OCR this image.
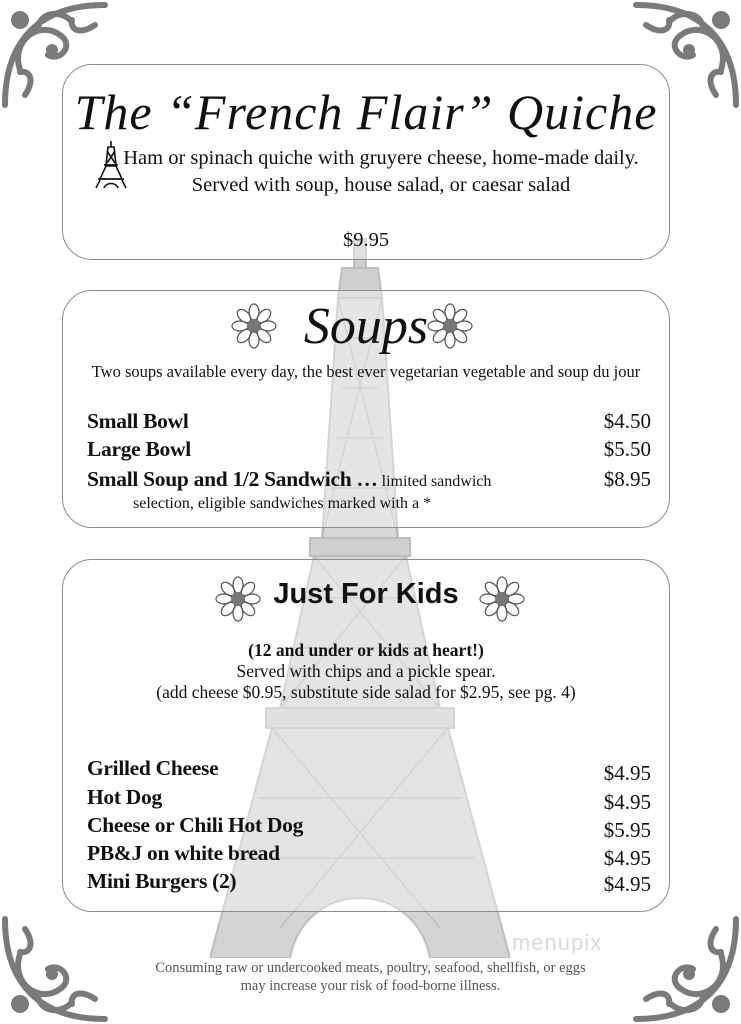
The “French Flair” Quiche
Ham or spinach quiche with gruyere cheese, home-made daily. Served with soup, house salad, or caesar salad
$9.95
Soups
Two soups available every day, the best ever vegetarian vegetable and soup du jour
Small Bowl	$4.50
Large Bowl	$5.50
Small Soup and 1/2 Sandwich … limited sandwich	$8.95
selection, eligible sandwiches marked with a *
Just For Kids
(12 and under or kids at heart!)
Served with chips and a pickle spear.
(add cheese $0.95, substitute side salad for $2.95, see pg. 4)
Grilled Cheese	$4.95
Hot Dog	$4.95
Cheese or Chili Hot Dog	$5.95
PB&J on white bread	$4.95
Mini Burgers (2)	$4.95
menupix
Consuming raw or undercooked meats, poultry, seafood, shellfish, or eggs
may increase your risk of food-borne illness.
